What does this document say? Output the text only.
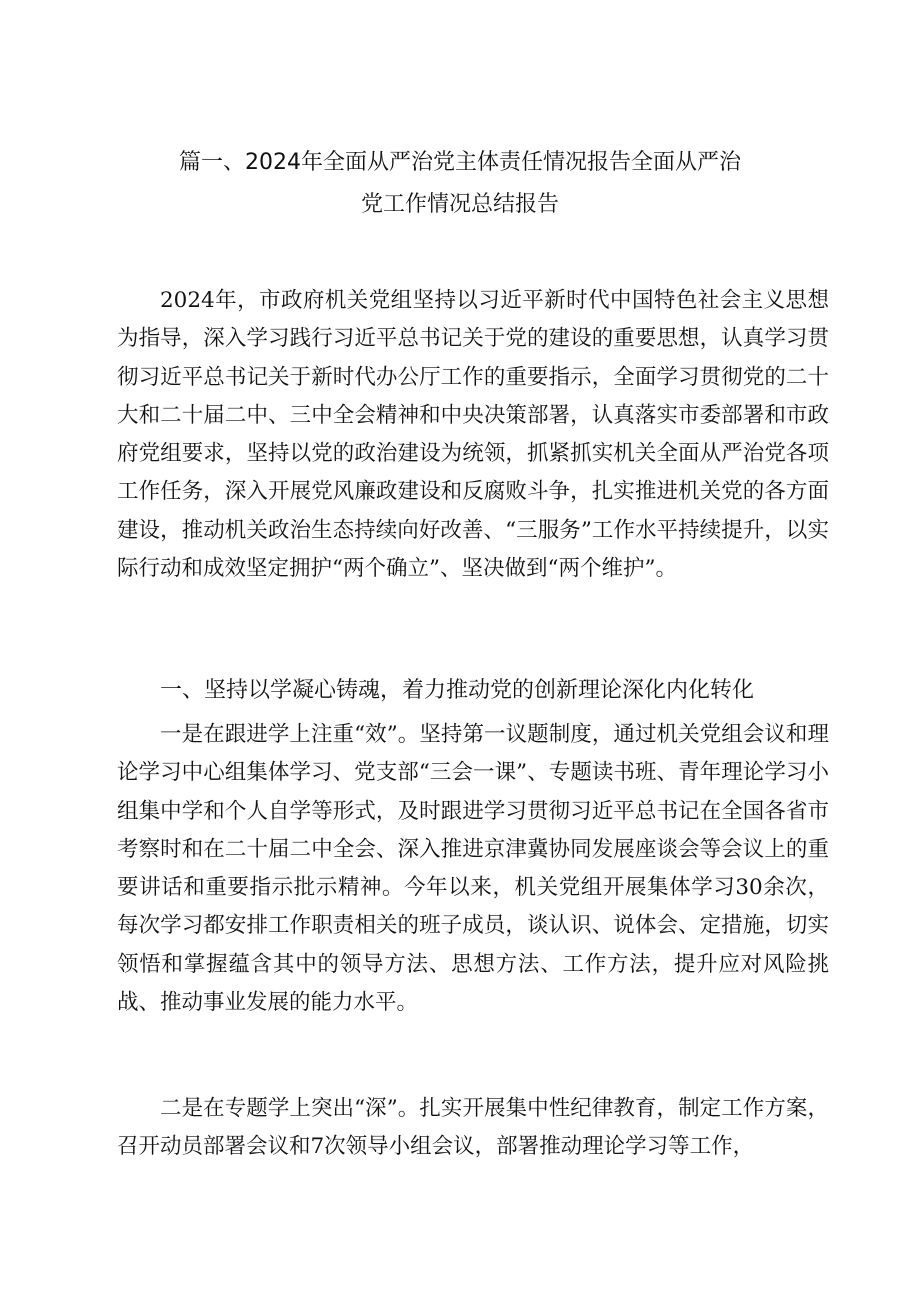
篇一、2024年全面从严治党主体责任情况报告全面从严治
党工作情况总结报告

2024年，市政府机关党组坚持以习近平新时代中国特色社会主义思想为指导，深入学习践行习近平总书记关于党的建设的重要思想，认真学习贯彻习近平总书记关于新时代办公厅工作的重要指示，全面学习贯彻党的二十大和二十届二中、三中全会精神和中央决策部署，认真落实市委部署和市政府党组要求，坚持以党的政治建设为统领，抓紧抓实机关全面从严治党各项工作任务，深入开展党风廉政建设和反腐败斗争，扎实推进机关党的各方面建设，推动机关政治生态持续向好改善、“三服务”工作水平持续提升，以实际行动和成效坚定拥护“两个确立”、坚决做到“两个维护”。

一、坚持以学凝心铸魂，着力推动党的创新理论深化内化转化

一是在跟进学上注重“效”。坚持第一议题制度，通过机关党组会议和理论学习中心组集体学习、党支部“三会一课”、专题读书班、青年理论学习小组集中学和个人自学等形式，及时跟进学习贯彻习近平总书记在全国各省市考察时和在二十届二中全会、深入推进京津冀协同发展座谈会等会议上的重要讲话和重要指示批示精神。今年以来，机关党组开展集体学习30余次，每次学习都安排工作职责相关的班子成员，谈认识、说体会、定措施，切实领悟和掌握蕴含其中的领导方法、思想方法、工作方法，提升应对风险挑战、推动事业发展的能力水平。

二是在专题学上突出“深”。扎实开展集中性纪律教育，制定工作方案，召开动员部署会议和7次领导小组会议，部署推动理论学习等工作，
